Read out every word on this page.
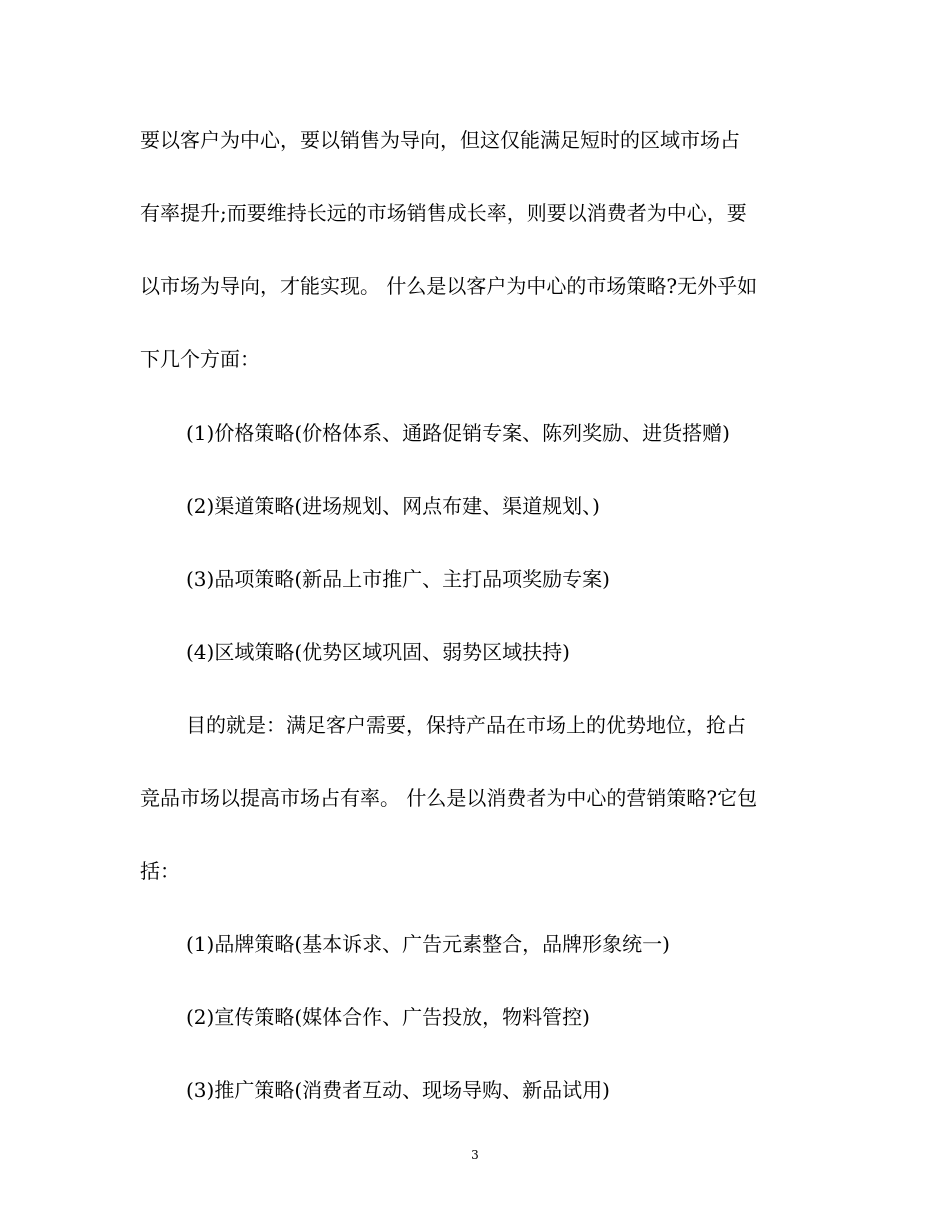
要以客户为中心，要以销售为导向，但这仅能满足短时的区域市场占
有率提升;而要维持长远的市场销售成长率，则要以消费者为中心，要
以市场为导向，才能实现。 什么是以客户为中心的市场策略?无外乎如
下几个方面：
(1)价格策略(价格体系、通路促销专案、陈列奖励、进货搭赠)
(2)渠道策略(进场规划、网点布建、渠道规划、)
(3)品项策略(新品上市推广、主打品项奖励专案)
(4)区域策略(优势区域巩固、弱势区域扶持)
目的就是：满足客户需要，保持产品在市场上的优势地位，抢占
竞品市场以提高市场占有率。 什么是以消费者为中心的营销策略?它包
括：
(1)品牌策略(基本诉求、广告元素整合，品牌形象统一)
(2)宣传策略(媒体合作、广告投放，物料管控)
(3)推广策略(消费者互动、现场导购、新品试用)
3
